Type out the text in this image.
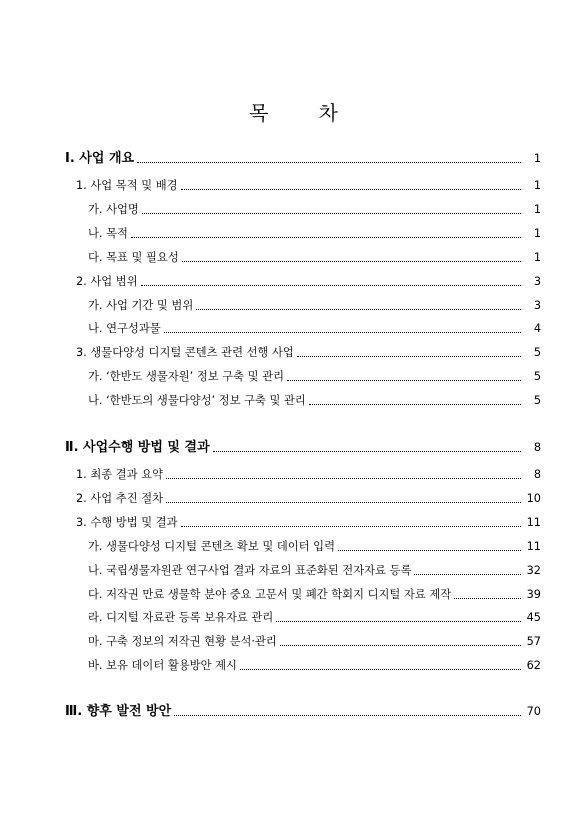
목 차
Ⅰ. 사업 개요	1
1. 사업 목적 및 배경	1
가. 사업명	1
나. 목적	1
다. 목표 및 필요성	1
2. 사업 범위	3
가. 사업 기간 및 범위	3
나. 연구성과물	4
3. 생물다양성 디지털 콘텐츠 관련 선행 사업	5
가. ‘한반도 생물자원’ 정보 구축 및 관리	5
나. ‘한반도의 생물다양성’ 정보 구축 및 관리	5
Ⅱ. 사업수행 방법 및 결과	8
1. 최종 결과 요약	8
2. 사업 추진 절차	10
3. 수행 방법 및 결과	11
가. 생물다양성 디지털 콘텐츠 확보 및 데이터 입력	11
나. 국립생물자원관 연구사업 결과 자료의 표준화된 전자자료 등록	32
다. 저작권 만료 생물학 분야 중요 고문서 및 폐간 학회지 디지털 자료 제작	39
라. 디지털 자료관 등록 보유자료 관리	45
마. 구축 정보의 저작권 현황 분석·관리	57
바. 보유 데이터 활용방안 제시	62
Ⅲ. 향후 발전 방안	70
